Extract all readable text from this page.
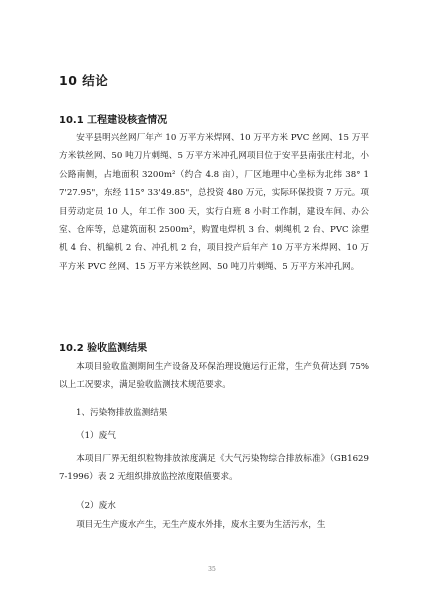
10 结论
10.1 工程建设核查情况

安平县明兴丝网厂年产 10 万平方米焊网、10 万平方米 PVC 丝网、15 万平方米铁丝网、50 吨刀片刺绳、5 万平方米冲孔网项目位于安平县南张庄村北，小公路南侧，占地面积 3200m²（约合 4.8 亩），厂区地理中心坐标为北纬 38° 17'27.95"，东经 115° 33'49.85"，总投资 480 万元，实际环保投资 7 万元。项目劳动定员 10 人，年工作 300 天，实行白班 8 小时工作制，建设车间、办公室、仓库等，总建筑面积 2500m²，购置电焊机 3 台、刺绳机 2 台、PVC 涂塑机 4 台、机编机 2 台、冲孔机 2 台，项目投产后年产 10 万平方米焊网、10 万平方米 PVC 丝网、15 万平方米铁丝网、50 吨刀片刺绳、5 万平方米冲孔网。

10.2 验收监测结果

本项目验收监测期间生产设备及环保治理设施运行正常，生产负荷达到 75%以上工况要求，满足验收监测技术规范要求。

1、污染物排放监测结果
（1）废气

本项目厂界无组织粒物排放浓度满足《大气污染物综合排放标准》（GB16297-1996）表 2 无组织排放监控浓度限值要求。

（2）废水

项目无生产废水产生，无生产废水外排，废水主要为生活污水，生

35
